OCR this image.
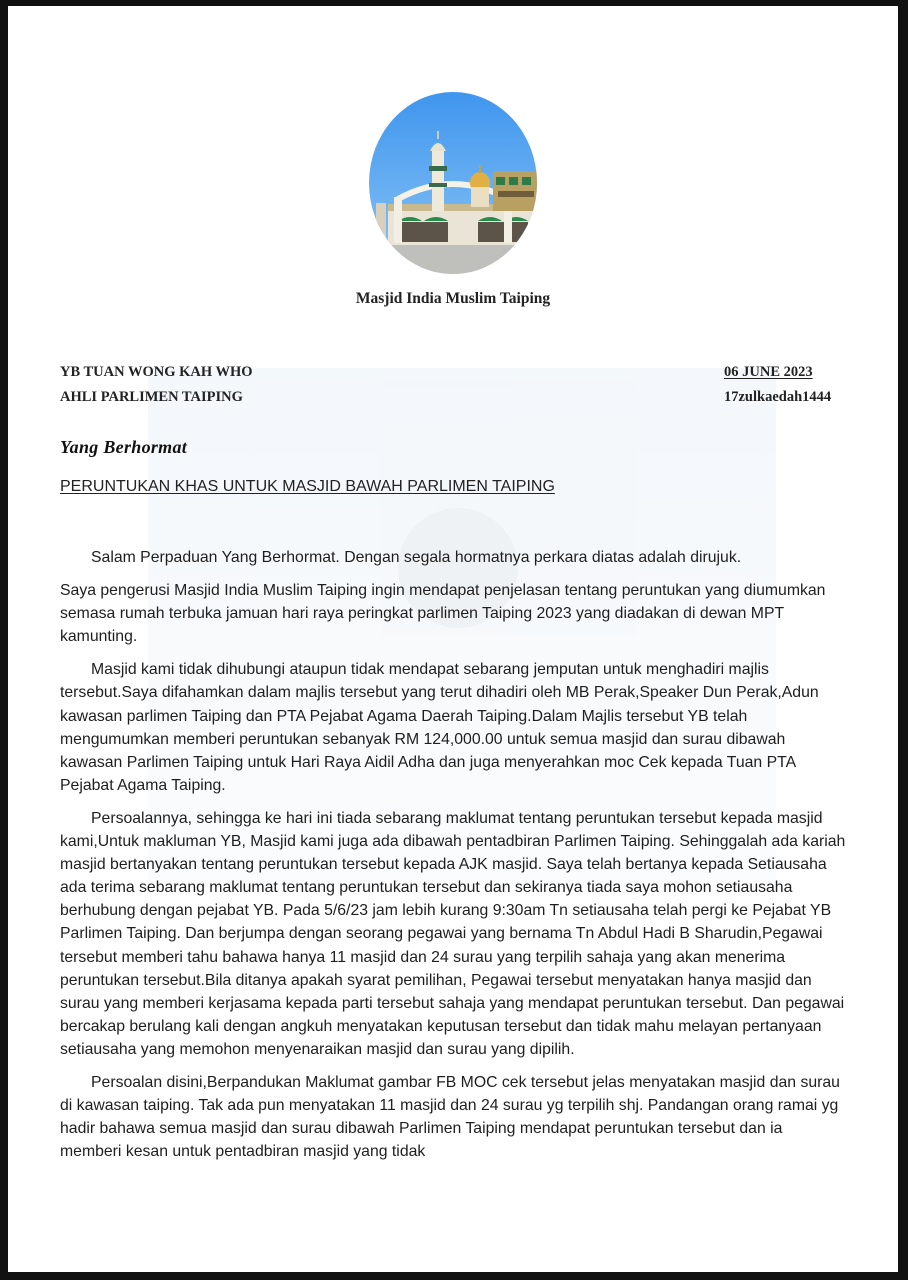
Masjid India Muslim Taiping
YB TUAN WONG KAH WHO
AHLI PARLIMEN TAIPING
06 JUNE 2023
17zulkaedah1444
Yang Berhormat
PERUNTUKAN KHAS UNTUK MASJID BAWAH PARLIMEN TAIPING

Salam Perpaduan Yang Berhormat. Dengan segala hormatnya perkara diatas adalah dirujuk.

Saya pengerusi Masjid India Muslim Taiping ingin mendapat penjelasan tentang peruntukan yang diumumkan semasa rumah terbuka jamuan hari raya peringkat parlimen Taiping 2023 yang diadakan di dewan MPT kamunting.

Masjid kami tidak dihubungi ataupun tidak mendapat sebarang jemputan untuk menghadiri majlis tersebut.Saya difahamkan dalam majlis tersebut yang terut dihadiri oleh MB Perak,Speaker Dun Perak,Adun kawasan parlimen Taiping dan PTA Pejabat Agama Daerah Taiping.Dalam Majlis tersebut YB telah mengumumkan memberi peruntukan sebanyak RM 124,000.00 untuk semua masjid dan surau dibawah kawasan Parlimen Taiping untuk Hari Raya Aidil Adha dan juga menyerahkan moc Cek kepada Tuan PTA Pejabat Agama Taiping.

Persoalannya, sehingga ke hari ini tiada sebarang maklumat tentang peruntukan tersebut kepada masjid kami,Untuk makluman YB, Masjid kami juga ada dibawah pentadbiran Parlimen Taiping. Sehinggalah ada kariah masjid bertanyakan tentang peruntukan tersebut kepada AJK masjid. Saya telah bertanya kepada Setiausaha ada terima sebarang maklumat tentang peruntukan tersebut dan sekiranya tiada saya mohon setiausaha berhubung dengan pejabat YB. Pada 5/6/23 jam lebih kurang 9:30am Tn setiausaha telah pergi ke Pejabat YB Parlimen Taiping. Dan berjumpa dengan seorang pegawai yang bernama Tn Abdul Hadi B Sharudin,Pegawai tersebut memberi tahu bahawa hanya 11 masjid dan 24 surau yang terpilih sahaja yang akan menerima peruntukan tersebut.Bila ditanya apakah syarat pemilihan, Pegawai tersebut menyatakan hanya masjid dan surau yang memberi kerjasama kepada parti tersebut sahaja yang mendapat peruntukan tersebut. Dan pegawai bercakap berulang kali dengan angkuh menyatakan keputusan tersebut dan tidak mahu melayan pertanyaan setiausaha yang memohon menyenaraikan masjid dan surau yang dipilih.

Persoalan disini,Berpandukan Maklumat gambar FB MOC cek tersebut jelas menyatakan masjid dan surau di kawasan taiping. Tak ada pun menyatakan 11 masjid dan 24 surau yg terpilih shj. Pandangan orang ramai yg hadir bahawa semua masjid dan surau dibawah Parlimen Taiping mendapat peruntukan tersebut dan ia memberi kesan untuk pentadbiran masjid yang tidak
